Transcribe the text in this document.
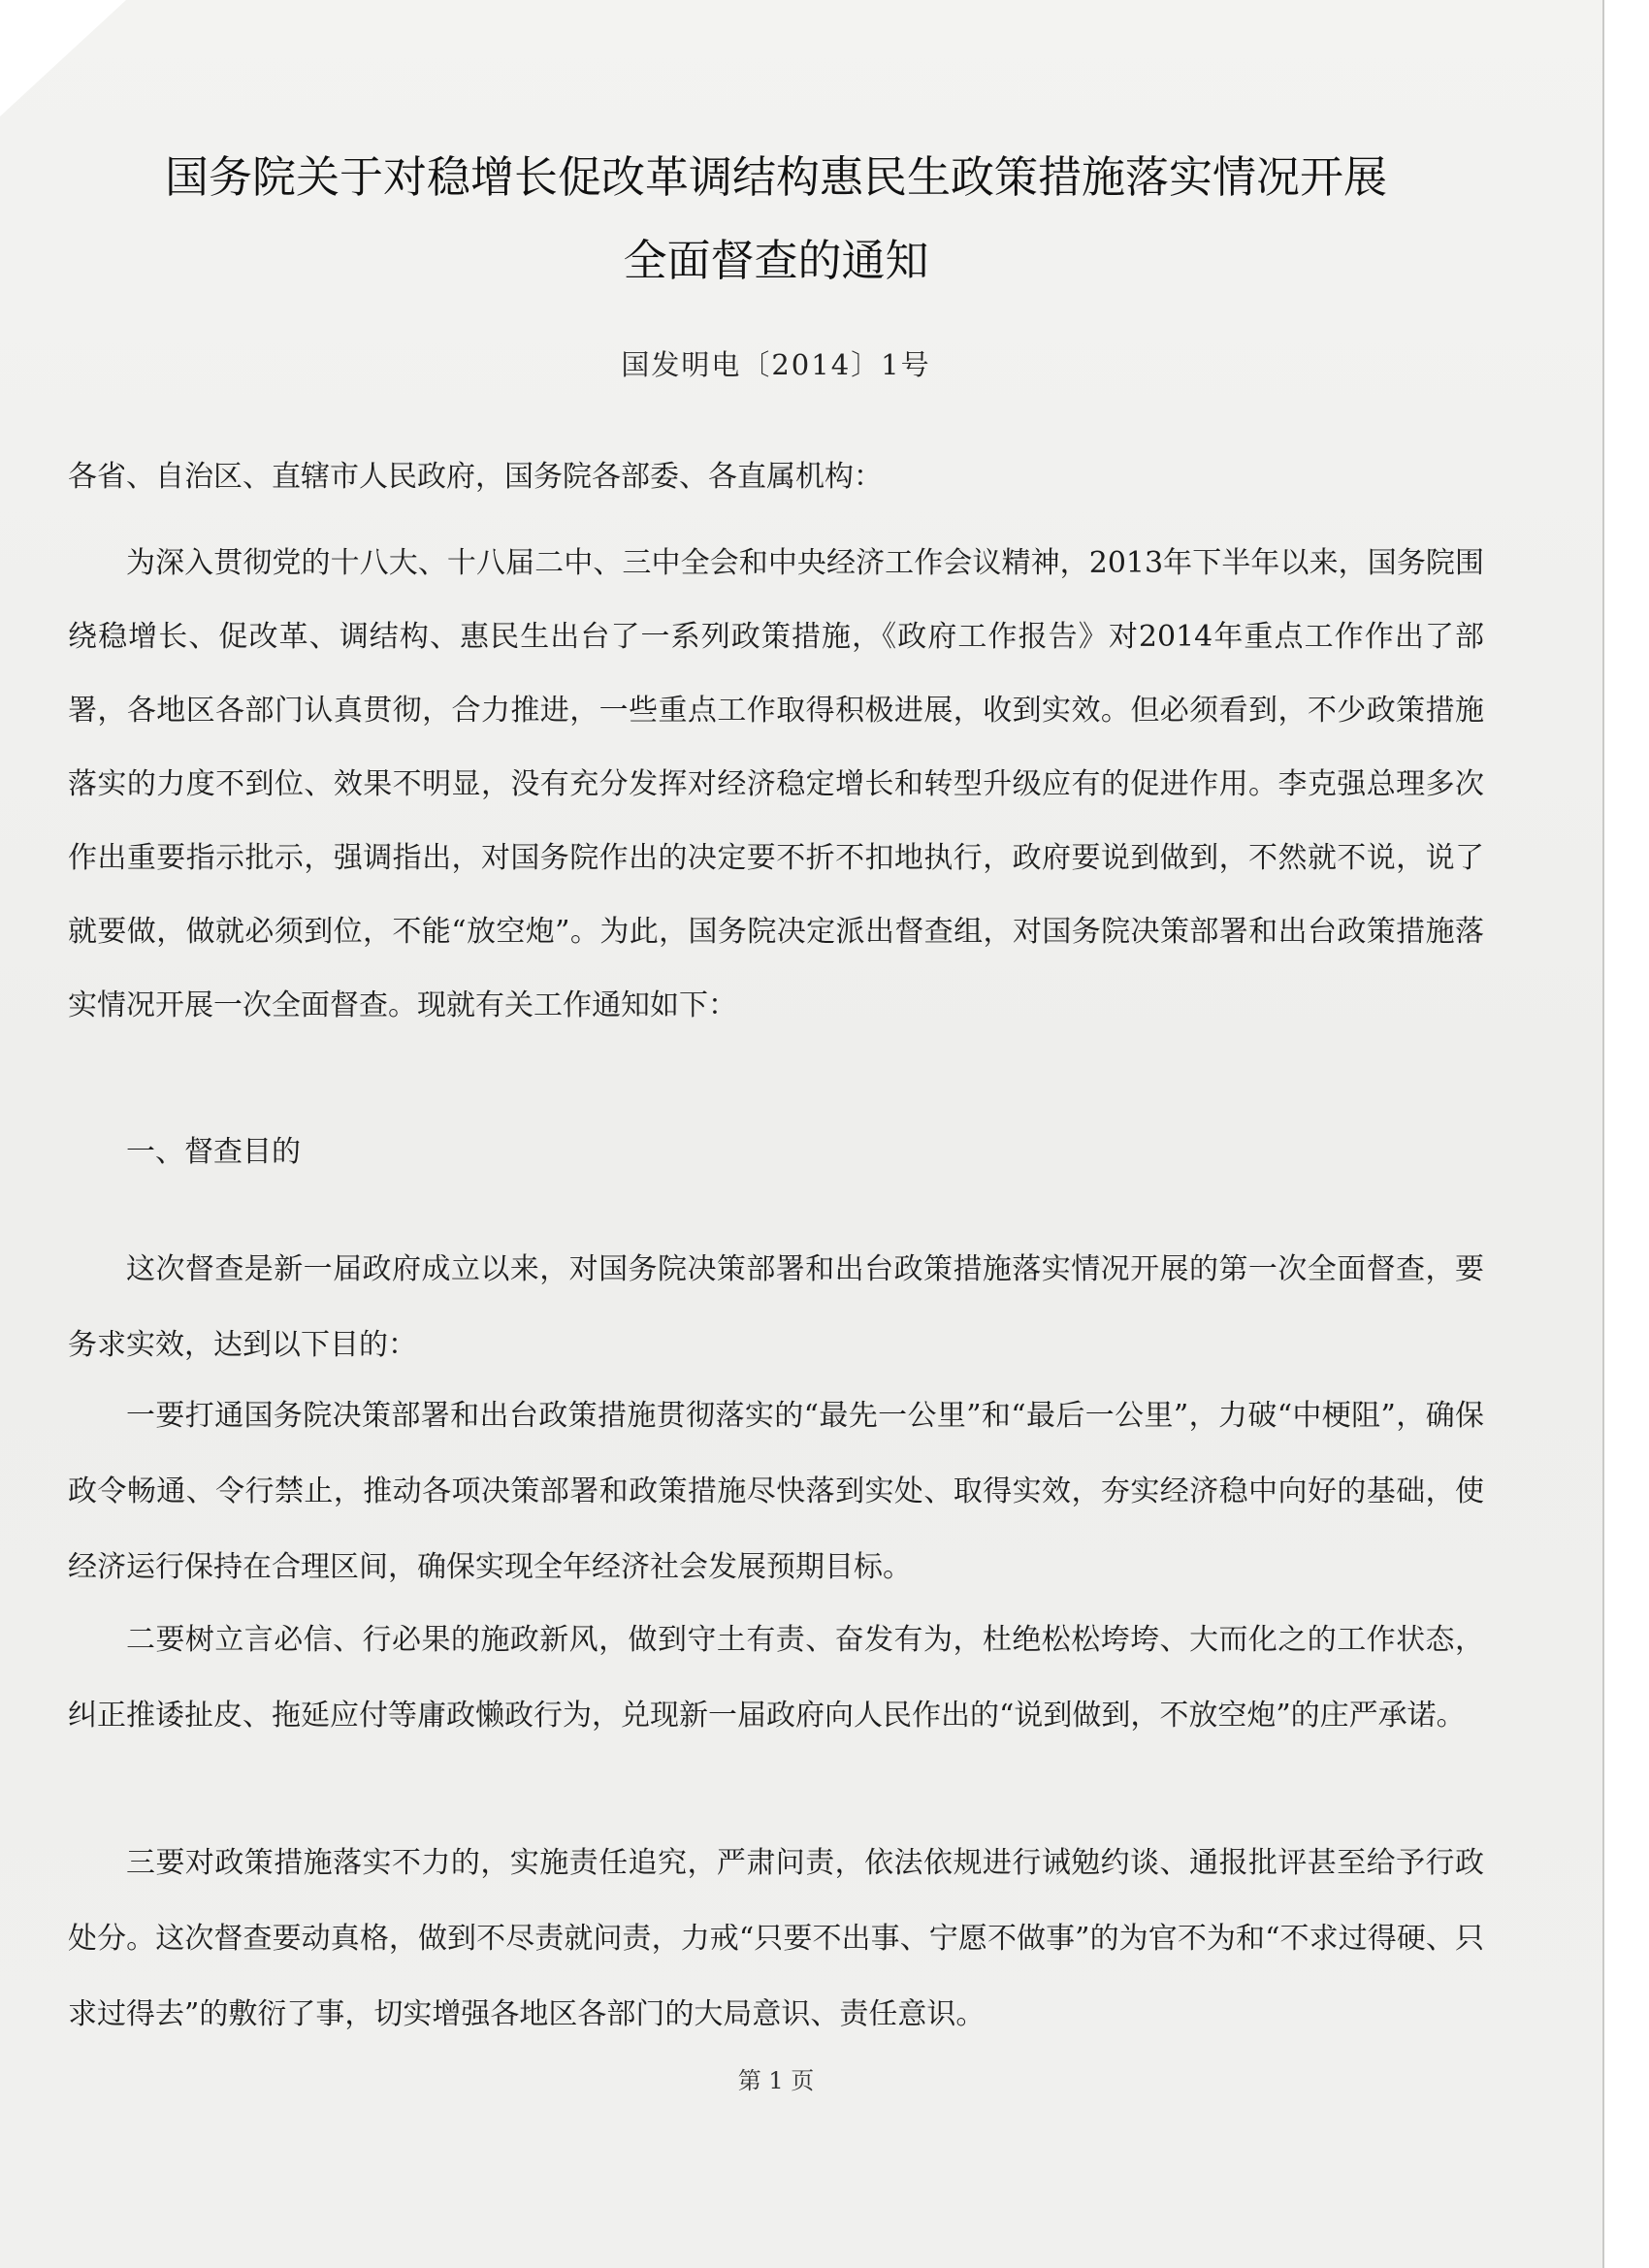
国务院关于对稳增长促改革调结构惠民生政策措施落实情况开展
全面督查的通知
国发明电〔2014〕1号
各省、自治区、直辖市人民政府，国务院各部委、各直属机构：

为深入贯彻党的十八大、十八届二中、三中全会和中央经济工作会议精神，2013年下半年以来，国务院围绕稳增长、促改革、调结构、惠民生出台了一系列政策措施，《政府工作报告》对2014年重点工作作出了部署，各地区各部门认真贯彻，合力推进，一些重点工作取得积极进展，收到实效。但必须看到，不少政策措施落实的力度不到位、效果不明显，没有充分发挥对经济稳定增长和转型升级应有的促进作用。李克强总理多次作出重要指示批示，强调指出，对国务院作出的决定要不折不扣地执行，政府要说到做到，不然就不说，说了就要做，做就必须到位，不能“放空炮”。为此，国务院决定派出督查组，对国务院决策部署和出台政策措施落实情况开展一次全面督查。现就有关工作通知如下：

一、督查目的

这次督查是新一届政府成立以来，对国务院决策部署和出台政策措施落实情况开展的第一次全面督查，要务求实效，达到以下目的：

一要打通国务院决策部署和出台政策措施贯彻落实的“最先一公里”和“最后一公里”，力破“中梗阻”，确保政令畅通、令行禁止，推动各项决策部署和政策措施尽快落到实处、取得实效，夯实经济稳中向好的基础，使经济运行保持在合理区间，确保实现全年经济社会发展预期目标。

二要树立言必信、行必果的施政新风，做到守土有责、奋发有为，杜绝松松垮垮、大而化之的工作状态，纠正推诿扯皮、拖延应付等庸政懒政行为，兑现新一届政府向人民作出的“说到做到，不放空炮”的庄严承诺。

三要对政策措施落实不力的，实施责任追究，严肃问责，依法依规进行诫勉约谈、通报批评甚至给予行政处分。这次督查要动真格，做到不尽责就问责，力戒“只要不出事、宁愿不做事”的为官不为和“不求过得硬、只求过得去”的敷衍了事，切实增强各地区各部门的大局意识、责任意识。

第 1 页
